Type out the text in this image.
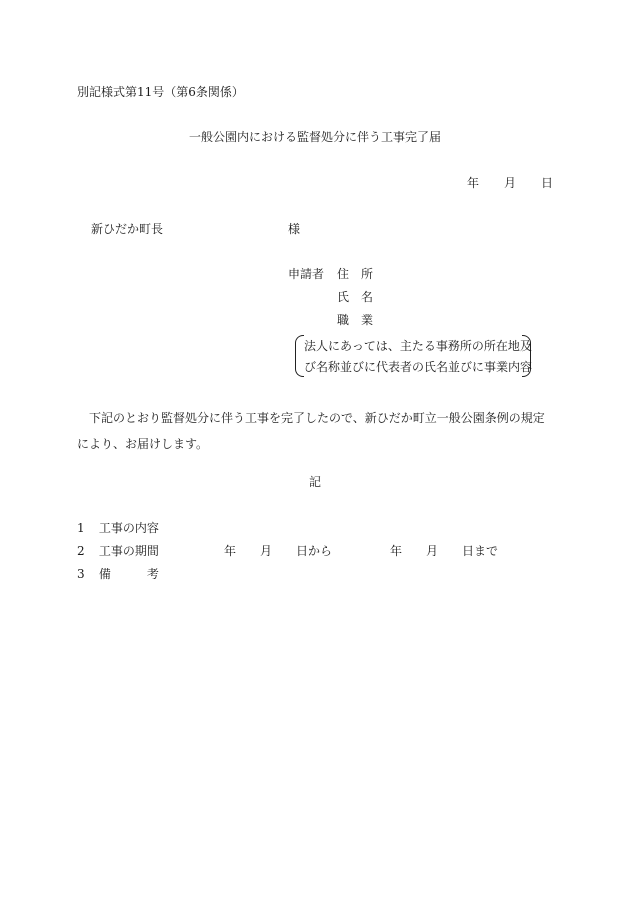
別記様式第11号（第6条関係）
一般公園内における監督処分に伴う工事完了届
年 月 日
新ひだか町長	様
申請者 住　所
氏　名
職　業
法人にあっては、主たる事務所の所在地及
び名称並びに代表者の氏名並びに事業内容
下記のとおり監督処分に伴う工事を完了したので、新ひだか町立一般公園条例の規定により、お届けします。
記
1 工事の内容
2 工事の期間	年 月 日から	年 月 日まで
3 備　　　考
